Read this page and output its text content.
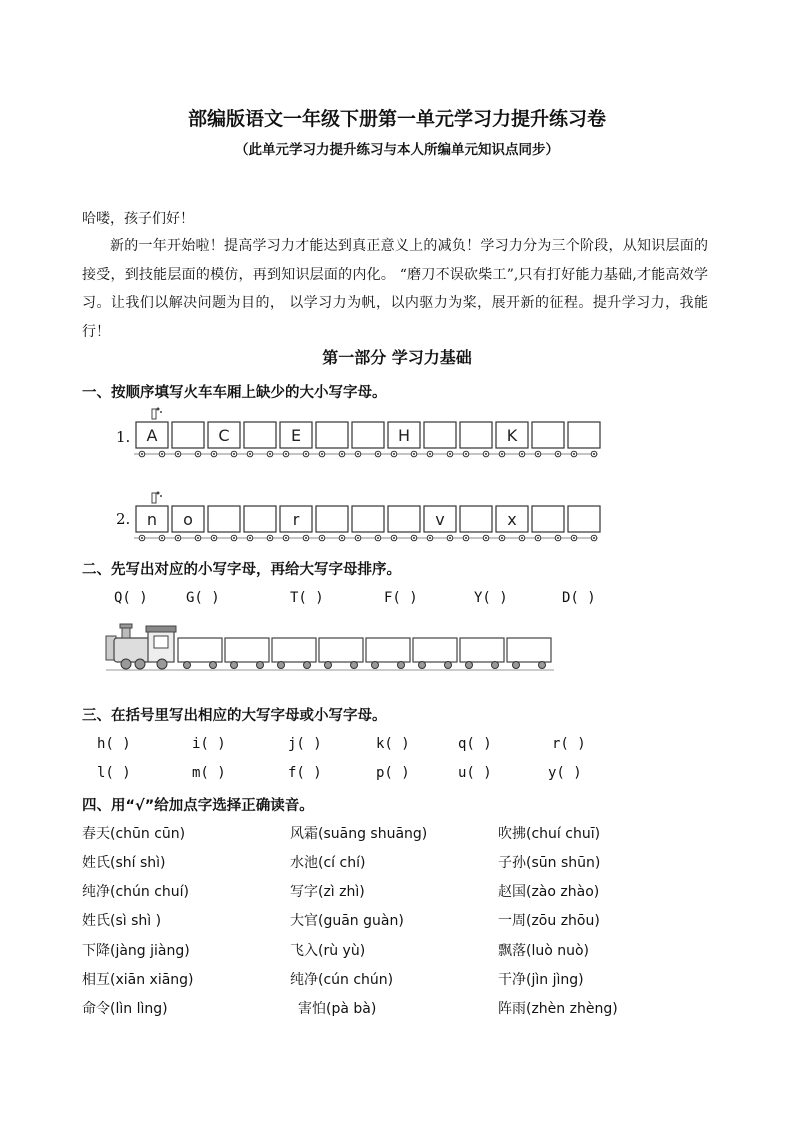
部编版语文一年级下册第一单元学习力提升练习卷
（此单元学习力提升练习与本人所编单元知识点同步）
哈喽，孩子们好！
新的一年开始啦！提高学习力才能达到真正意义上的减负！学习力分为三个阶段，从知识层面的接受，到技能层面的模仿，再到知识层面的内化。 “磨刀不误砍柴工”,只有打好能力基础,才能高效学习。让我们以解决问题为目的， 以学习力为帆，以内驱力为桨，展开新的征程。提升学习力，我能行！
第一部分 学习力基础
一、按顺序填写火车车厢上缺少的大小写字母。
1. A	C	E	H	K
2. n o	r	v	x
二、先写出对应的小写字母，再给大写字母排序。
Q( )	G( )	T( )	F( )	Y( )	D( )
三、在括号里写出相应的大写字母或小写字母。
h( )	i( )	j( )	k( )	q( )	r( )
l( )	m( )	f( )	p( )	u( )	y( )
四、用“√”给加点字选择正确读音。
春天(chūn cūn)	风霜(suāng shuāng)	吹拂(chuí chuī)
姓氏(shí shì)	水池(cí chí)	子孙(sūn shūn)
纯净(chún chuí)	写字(zì zhì)	赵国(zào zhào)
姓氏(sì shì )	大官(guān guàn)	一周(zōu zhōu)
下降(jàng jiàng)	飞入(rù yù)	飘落(luò nuò)
相互(xiān xiāng)	纯净(cún chún)	干净(jìn jìng)
命令(lìn lìng)	害怕(pà bà)	阵雨(zhèn zhèng)
